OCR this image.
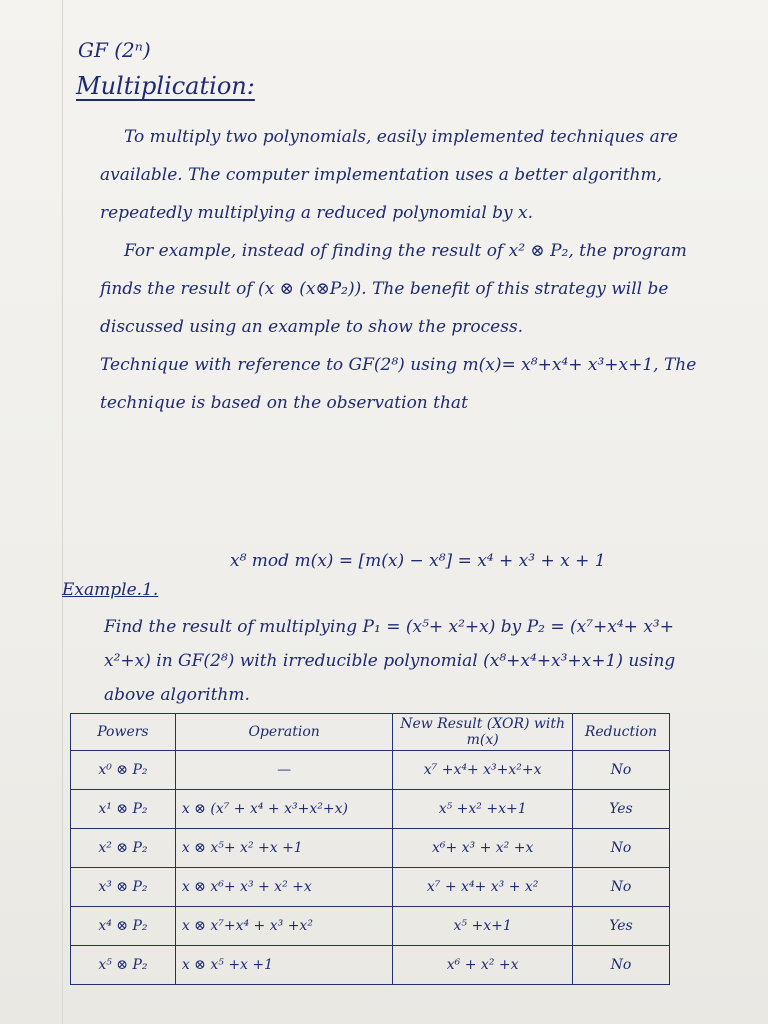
GF (2ⁿ)
Multiplication:

To multiply two polynomials, easily implemented techniques are available. The computer implementation uses a better algorithm, repeatedly multiplying a reduced polynomial by x.

For example, instead of finding the result of x² ⊗ P₂, the program finds the result of (x ⊗ (x⊗P₂)). The benefit of this strategy will be discussed using an example to show the process.

Technique with reference to GF(2⁸) using m(x)= x⁸+x⁴+ x³+x+1, The technique is based on the observation that

x⁸ mod m(x) = [m(x) − x⁸] = x⁴ + x³ + x + 1
Example.1.
Find the result of multiplying P₁ = (x⁵+ x²+x) by P₂ = (x⁷+x⁴+ x³+ x²+x) in GF(2⁸) with irreducible polynomial (x⁸+x⁴+x³+x+1) using above algorithm.
Powers	Operation	New Result (XOR) with m(x)	Reduction
x⁰ ⊗ P₂	—	x⁷ +x⁴+ x³+x²+x	No
x¹ ⊗ P₂	x ⊗ (x⁷ + x⁴ + x³+x²+x)	x⁵ +x² +x+1	Yes
x² ⊗ P₂	x ⊗ x⁵+ x² +x +1	x⁶+ x³ + x² +x	No
x³ ⊗ P₂	x ⊗ x⁶+ x³ + x² +x	x⁷ + x⁴+ x³ + x²	No
x⁴ ⊗ P₂	x ⊗ x⁷+x⁴ + x³ +x²	x⁵ +x+1	Yes
x⁵ ⊗ P₂	x ⊗ x⁵ +x +1	x⁶ + x² +x	No
